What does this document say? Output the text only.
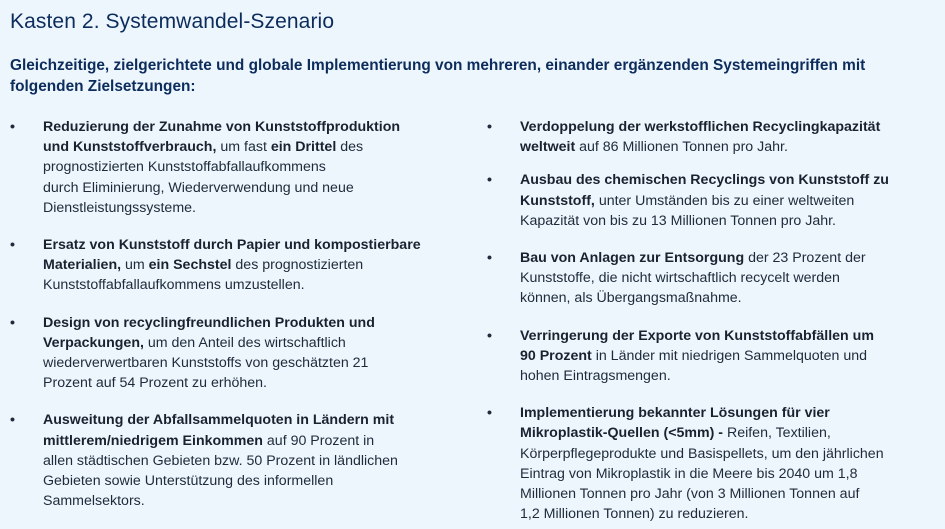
Kasten 2. Systemwandel-Szenario
Gleichzeitige, zielgerichtete und globale Implementierung von mehreren, einander ergänzenden Systemeingriffen mit folgenden Zielsetzungen:
• Reduzierung der Zunahme von Kunststoffproduktion
und Kunststoffverbrauch, um fast ein Drittel des
prognostizierten Kunststoffabfallaufkommens
durch Eliminierung, Wiederverwendung und neue
Dienstleistungssysteme.
• Ersatz von Kunststoff durch Papier und kompostierbare
Materialien, um ein Sechstel des prognostizierten
Kunststoffabfallaufkommens umzustellen.
• Design von recyclingfreundlichen Produkten und
Verpackungen, um den Anteil des wirtschaftlich
wiederverwertbaren Kunststoffs von geschätzten 21
Prozent auf 54 Prozent zu erhöhen.
• Ausweitung der Abfallsammelquoten in Ländern mit
mittlerem/niedrigem Einkommen auf 90 Prozent in
allen städtischen Gebieten bzw. 50 Prozent in ländlichen
Gebieten sowie Unterstützung des informellen
Sammelsektors.
• Verdoppelung der werkstofflichen Recyclingkapazität
weltweit auf 86 Millionen Tonnen pro Jahr.
• Ausbau des chemischen Recyclings von Kunststoff zu
Kunststoff, unter Umständen bis zu einer weltweiten
Kapazität von bis zu 13 Millionen Tonnen pro Jahr.
• Bau von Anlagen zur Entsorgung der 23 Prozent der
Kunststoffe, die nicht wirtschaftlich recycelt werden
können, als Übergangsmaßnahme.
• Verringerung der Exporte von Kunststoffabfällen um
90 Prozent in Länder mit niedrigen Sammelquoten und
hohen Eintragsmengen.
• Implementierung bekannter Lösungen für vier
Mikroplastik-Quellen (<5mm) - Reifen, Textilien,
Körperpflegeprodukte und Basispellets, um den jährlichen
Eintrag von Mikroplastik in die Meere bis 2040 um 1,8
Millionen Tonnen pro Jahr (von 3 Millionen Tonnen auf
1,2 Millionen Tonnen) zu reduzieren.
